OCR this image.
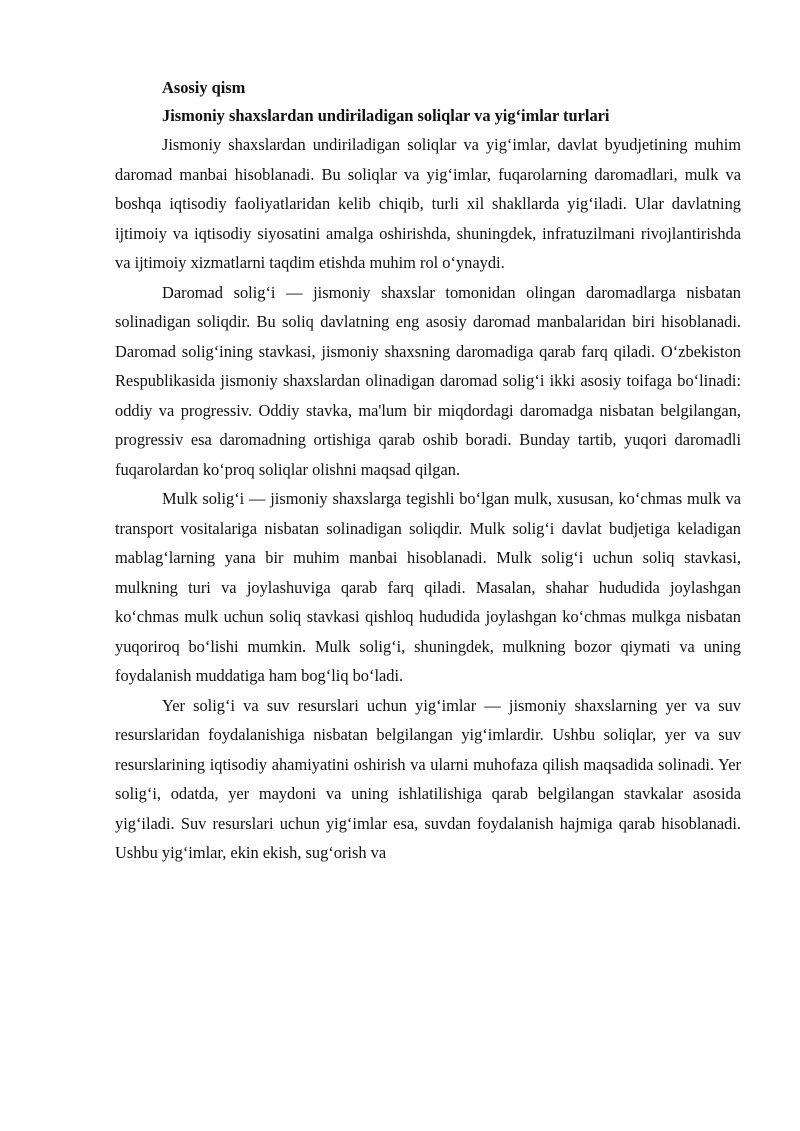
Asosiy qism

Jismoniy shaxslardan undiriladigan soliqlar va yig‘imlar turlari

Jismoniy shaxslardan undiriladigan soliqlar va yig‘imlar, davlat byudjetining muhim daromad manbai hisoblanadi. Bu soliqlar va yig‘imlar, fuqarolarning daromadlari, mulk va boshqa iqtisodiy faoliyatlaridan kelib chiqib, turli xil shakllarda yig‘iladi. Ular davlatning ijtimoiy va iqtisodiy siyosatini amalga oshirishda, shuningdek, infratuzilmani rivojlantirishda va ijtimoiy xizmatlarni taqdim etishda muhim rol o‘ynaydi.

Daromad solig‘i — jismoniy shaxslar tomonidan olingan daromadlarga nisbatan solinadigan soliqdir. Bu soliq davlatning eng asosiy daromad manbalaridan biri hisoblanadi. Daromad solig‘ining stavkasi, jismoniy shaxsning daromadiga qarab farq qiladi. O‘zbekiston Respublikasida jismoniy shaxslardan olinadigan daromad solig‘i ikki asosiy toifaga bo‘linadi: oddiy va progressiv. Oddiy stavka, ma'lum bir miqdordagi daromadga nisbatan belgilangan, progressiv esa daromadning ortishiga qarab oshib boradi. Bunday tartib, yuqori daromadli fuqarolardan ko‘proq soliqlar olishni maqsad qilgan.

Mulk solig‘i — jismoniy shaxslarga tegishli bo‘lgan mulk, xususan, ko‘chmas mulk va transport vositalariga nisbatan solinadigan soliqdir. Mulk solig‘i davlat budjetiga keladigan mablag‘larning yana bir muhim manbai hisoblanadi. Mulk solig‘i uchun soliq stavkasi, mulkning turi va joylashuviga qarab farq qiladi. Masalan, shahar hududida joylashgan ko‘chmas mulk uchun soliq stavkasi qishloq hududida joylashgan ko‘chmas mulkga nisbatan yuqoriroq bo‘lishi mumkin. Mulk solig‘i, shuningdek, mulkning bozor qiymati va uning foydalanish muddatiga ham bog‘liq bo‘ladi.

Yer solig‘i va suv resurslari uchun yig‘imlar — jismoniy shaxslarning yer va suv resurslaridan foydalanishiga nisbatan belgilangan yig‘imlardir. Ushbu soliqlar, yer va suv resurslarining iqtisodiy ahamiyatini oshirish va ularni muhofaza qilish maqsadida solinadi. Yer solig‘i, odatda, yer maydoni va uning ishlatilishiga qarab belgilangan stavkalar asosida yig‘iladi. Suv resurslari uchun yig‘imlar esa, suvdan foydalanish hajmiga qarab hisoblanadi. Ushbu yig‘imlar, ekin ekish, sug‘orish va
